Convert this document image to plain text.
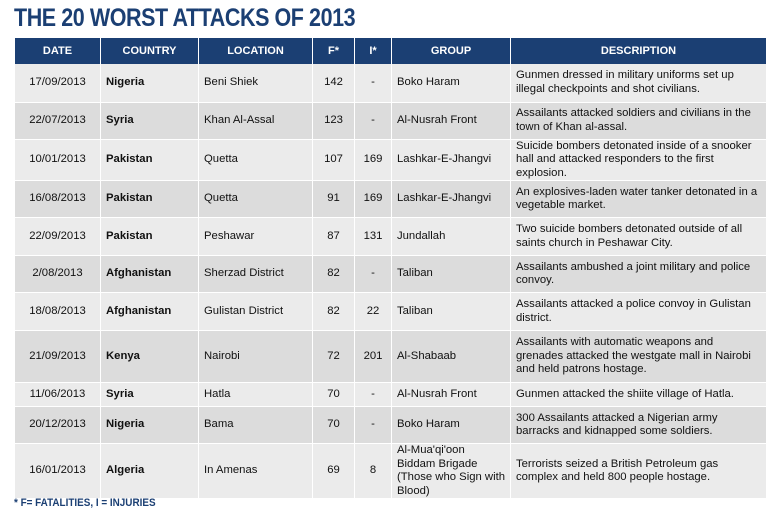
THE 20 WORST ATTACKS OF 2013
DATE	COUNTRY	LOCATION	F*	I*	GROUP	DESCRIPTION
17/09/2013	Nigeria	Beni Shiek	142	-	Boko Haram	Gunmen dressed in military uniforms set up illegal checkpoints and shot civilians.
22/07/2013	Syria	Khan Al-Assal	123	-	Al-Nusrah Front	Assailants attacked soldiers and civilians in the town of Khan al-assal.
10/01/2013	Pakistan	Quetta	107	169	Lashkar-E-Jhangvi	Suicide bombers detonated inside of a snooker hall and attacked responders to the first explosion.
16/08/2013	Pakistan	Quetta	91	169	Lashkar-E-Jhangvi	An explosives-laden water tanker detonated in a vegetable market.
22/09/2013	Pakistan	Peshawar	87	131	Jundallah	Two suicide bombers detonated outside of all saints church in Peshawar City.
2/08/2013	Afghanistan	Sherzad District	82	-	Taliban	Assailants ambushed a joint military and police convoy.
18/08/2013	Afghanistan	Gulistan District	82	22	Taliban	Assailants attacked a police convoy in Gulistan district.
21/09/2013	Kenya	Nairobi	72	201	Al-Shabaab	Assailants with automatic weapons and grenades attacked the westgate mall in Nairobi and held patrons hostage.
11/06/2013	Syria	Hatla	70	-	Al-Nusrah Front	Gunmen attacked the shiite village of Hatla.
20/12/2013	Nigeria	Bama	70	-	Boko Haram	300 Assailants attacked a Nigerian army barracks and kidnapped some soldiers.
16/01/2013	Algeria	In Amenas	69	8	Al-Mua'qi'oon Biddam Brigade (Those who Sign with Blood)	Terrorists seized a British Petroleum gas complex and held 800 people hostage.
* F= FATALITIES, I = INJURIES
